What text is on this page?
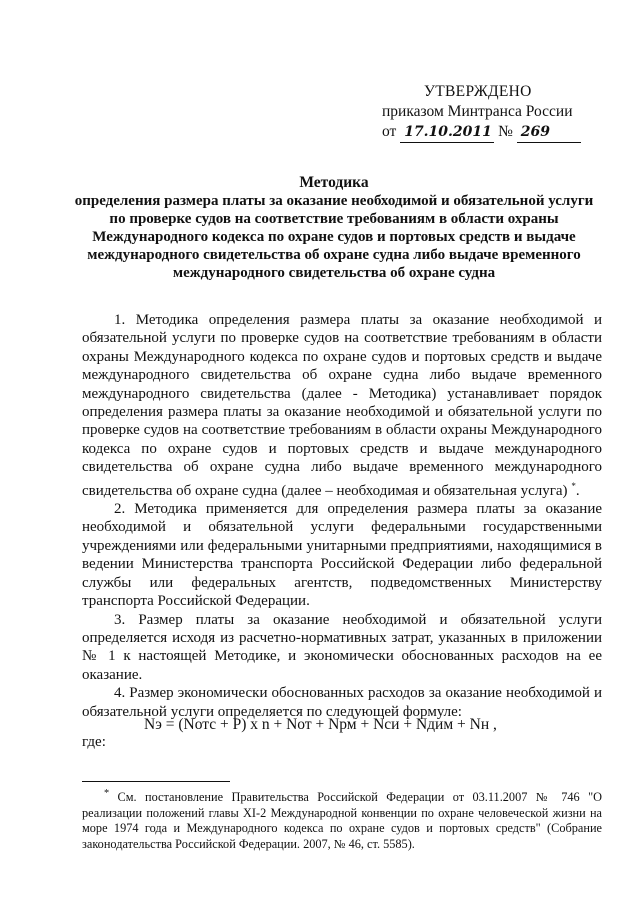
УТВЕРЖДЕНО
приказом Минтранса России
от 17.10.2011 № 269
Методика
определения размера платы за оказание необходимой и обязательной услуги
по проверке судов на соответствие требованиям в области охраны
Международного кодекса по охране судов и портовых средств и выдаче
международного свидетельства об охране судна либо выдаче временного
международного свидетельства об охране судна

1. Методика определения размера платы за оказание необходимой и обязательной услуги по проверке судов на соответствие требованиям в области охраны Международного кодекса по охране судов и портовых средств и выдаче международного свидетельства об охране судна либо выдаче временного международного свидетельства (далее - Методика) устанавливает порядок определения размера платы за оказание необходимой и обязательной услуги по проверке судов на соответствие требованиям в области охраны Международного кодекса по охране судов и портовых средств и выдаче международного свидетельства об охране судна либо выдаче временного международного свидетельства об охране судна (далее – необходимая и обязательная услуга) *.

2. Методика применяется для определения размера платы за оказание необходимой и обязательной услуги федеральными государственными учреждениями или федеральными унитарными предприятиями, находящимися в ведении Министерства транспорта Российской Федерации либо федеральной службы или федеральных агентств, подведомственных Министерству транспорта Российской Федерации.

3. Размер платы за оказание необходимой и обязательной услуги определяется исходя из расчетно-нормативных затрат, указанных в приложении № 1 к настоящей Методике, и экономически обоснованных расходов на ее оказание.

4. Размер экономически обоснованных расходов за оказание необходимой и обязательной услуги определяется по следующей формуле:

Nэ = (Nотс + Р) х n + Nот + Nрм + Nси + Nдим + Nн ,
где:

* См. постановление Правительства Российской Федерации от 03.11.2007 № 746 "О реализации положений главы XI-2 Международной конвенции по охране человеческой жизни на море 1974 года и Международного кодекса по охране судов и портовых средств" (Собрание законодательства Российской Федерации. 2007, № 46, ст. 5585).
